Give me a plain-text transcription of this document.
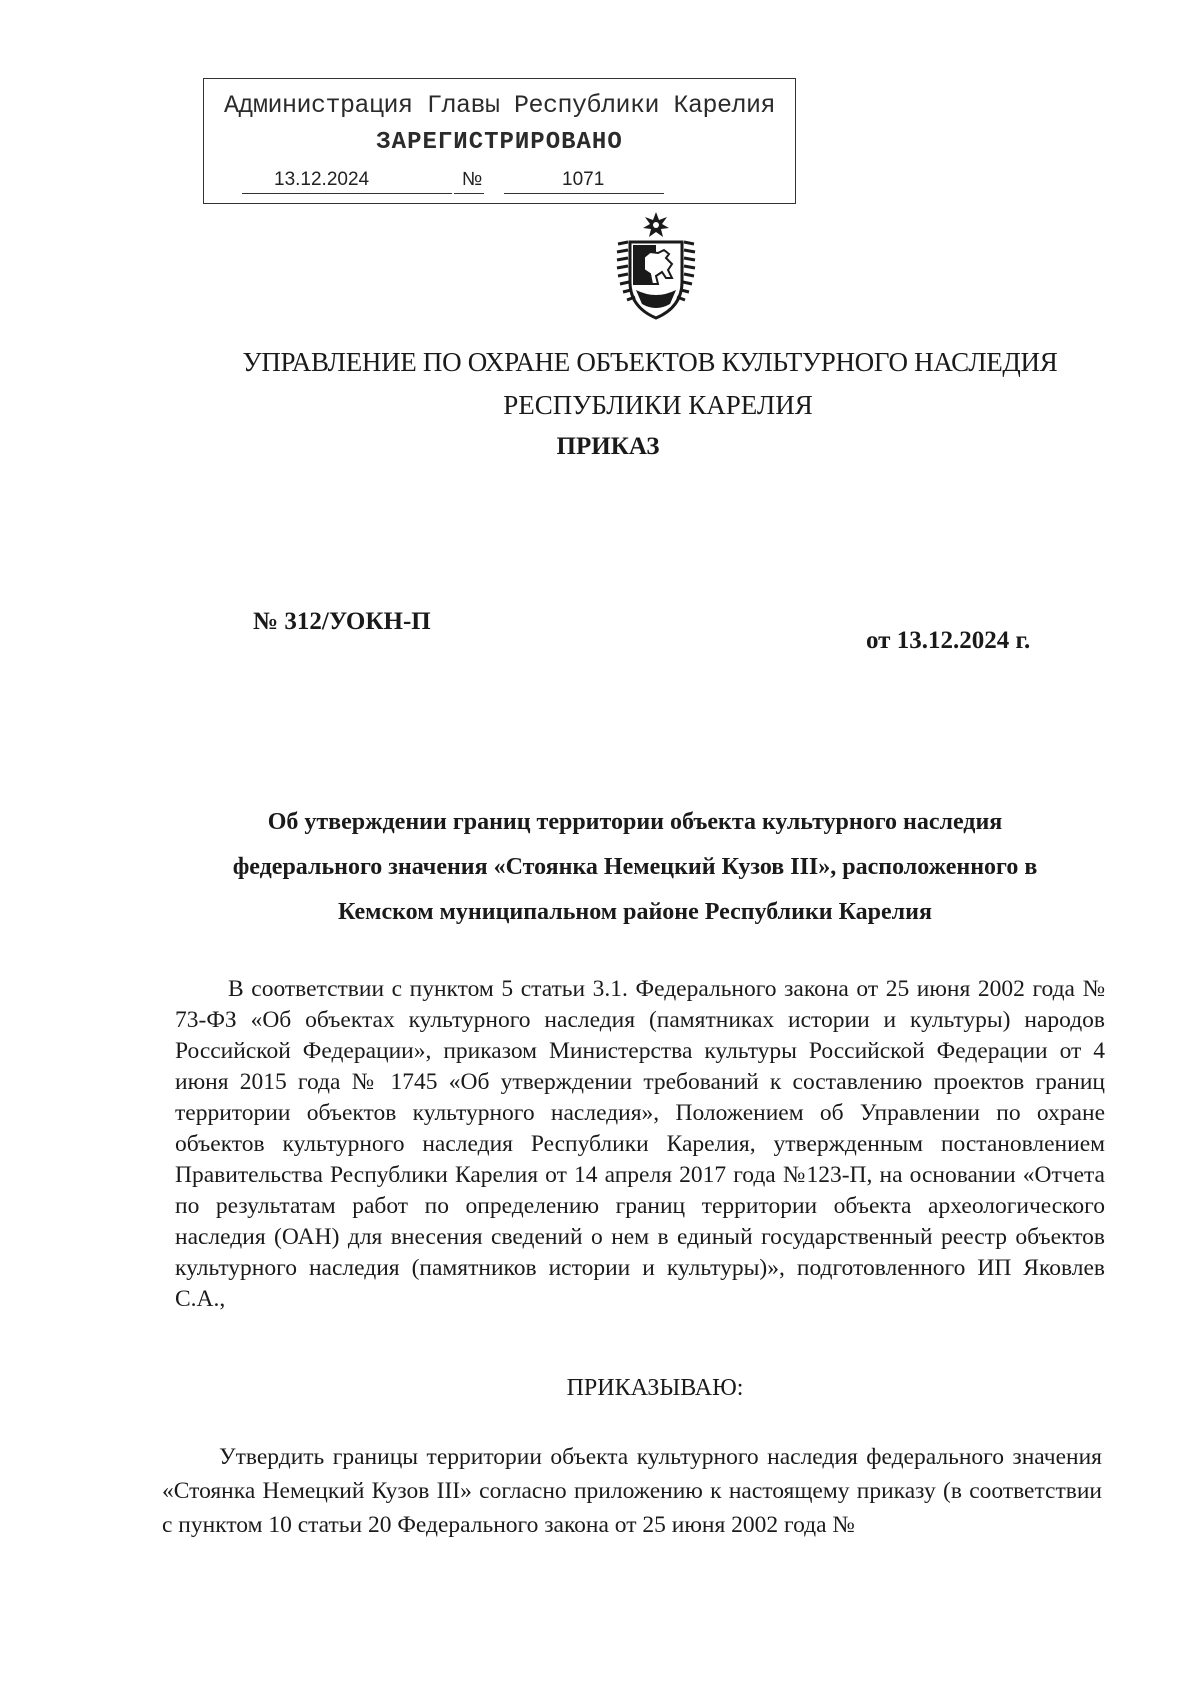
Администрация Главы Республики Карелия
ЗАРЕГИСТРИРОВАНО
13.12.2024	№	1071
УПРАВЛЕНИЕ ПО ОХРАНЕ ОБЪЕКТОВ КУЛЬТУРНОГО НАСЛЕДИЯ
РЕСПУБЛИКИ КАРЕЛИЯ
ПРИКАЗ
№ 312/УОКН-П
от 13.12.2024 г.
Об утверждении границ территории объекта культурного наследия федерального значения «Стоянка Немецкий Кузов III», расположенного в Кемском муниципальном районе Республики Карелия
В соответствии с пунктом 5 статьи 3.1. Федерального закона от 25 июня 2002 года № 73-ФЗ «Об объектах культурного наследия (памятниках истории и культуры) народов Российской Федерации», приказом Министерства культуры Российской Федерации от 4 июня 2015 года № 1745 «Об утверждении требований к составлению проектов границ территории объектов культурного наследия», Положением об Управлении по охране объектов культурного наследия Республики Карелия, утвержденным постановлением Правительства Республики Карелия от 14 апреля 2017 года №123-П, на основании «Отчета по результатам работ по определению границ территории объекта археологического наследия (ОАН) для внесения сведений о нем в единый государственный реестр объектов культурного наследия (памятников истории и культуры)», подготовленного ИП Яковлев С.А.,
ПРИКАЗЫВАЮ:
Утвердить границы территории объекта культурного наследия федерального значения «Стоянка Немецкий Кузов III» согласно приложению к настоящему приказу (в соответствии с пунктом 10 статьи 20 Федерального закона от 25 июня 2002 года №
